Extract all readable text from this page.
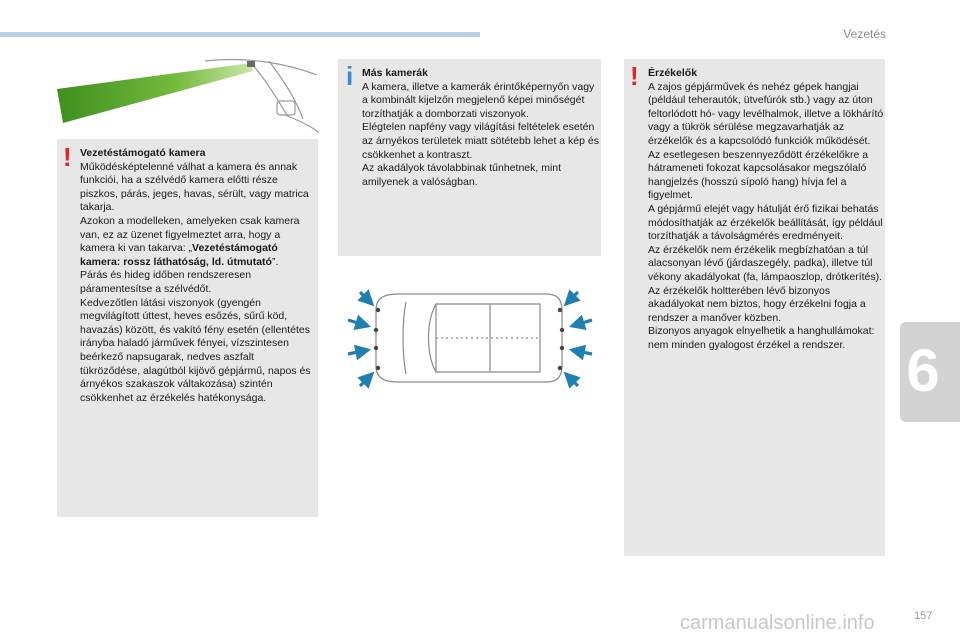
Vezetés
6
! Vezetéstámogató kamera

Működésképtelenné válhat a kamera és annak funkciói, ha a szélvédő kamera előtti része piszkos, párás, jeges, havas, sérült, vagy matrica takarja.

Azokon a modelleken, amelyeken csak kamera van, ez az üzenet figyelmeztet arra, hogy a kamera ki van takarva: „Vezetéstámogató kamera: rossz láthatóság, ld. útmutató”.

Párás és hideg időben rendszeresen páramentesítse a szélvédőt.

Kedvezőtlen látási viszonyok (gyengén megvilágított úttest, heves esőzés, sűrű köd, havazás) között, és vakító fény esetén (ellentétes irányba haladó járművek fényei, vízszintesen beérkező napsugarak, nedves aszfalt tükröződése, alagútból kijövő gépjármű, napos és árnyékos szakaszok váltakozása) szintén csökkenhet az érzékelés hatékonysága.

i Más kamerák

A kamera, illetve a kamerák érintőképernyőn vagy a kombinált kijelzőn megjelenő képei minőségét torzíthatják a domborzati viszonyok.

Elégtelen napfény vagy világítási feltételek esetén az árnyékos területek miatt sötétebb lehet a kép és csökkenhet a kontraszt.

Az akadályok távolabbinak tűnhetnek, mint amilyenek a valóságban.

! Érzékelők

A zajos gépjárművek és nehéz gépek hangjai (például teherautók, ütvefúrók stb.) vagy az úton feltorlódott hó- vagy levélhalmok, illetve a lökhárító vagy a tükrök sérülése megzavarhatják az érzékelők és a kapcsolódó funkciók működését.

Az esetlegesen beszennyeződött érzékelőkre a hátrameneti fokozat kapcsolásakor megszólaló hangjelzés (hosszú sípoló hang) hívja fel a figyelmet.

A gépjármű elejét vagy hátulját érő fizikai behatás módosíthatják az érzékelők beállítását, így például torzíthatják a távolságmérés eredményeit.

Az érzékelők nem érzékelik megbízhatóan a túl alacsonyan lévő (járdaszegély, padka), illetve túl vékony akadályokat (fa, lámpaoszlop, drótkerítés).

Az érzékelők holtterében lévő bizonyos akadályokat nem biztos, hogy érzékelni fogja a rendszer a manőver közben.

Bizonyos anyagok elnyelhetik a hanghullámokat: nem minden gyalogost érzékel a rendszer.

carmanualsonline.info	157
